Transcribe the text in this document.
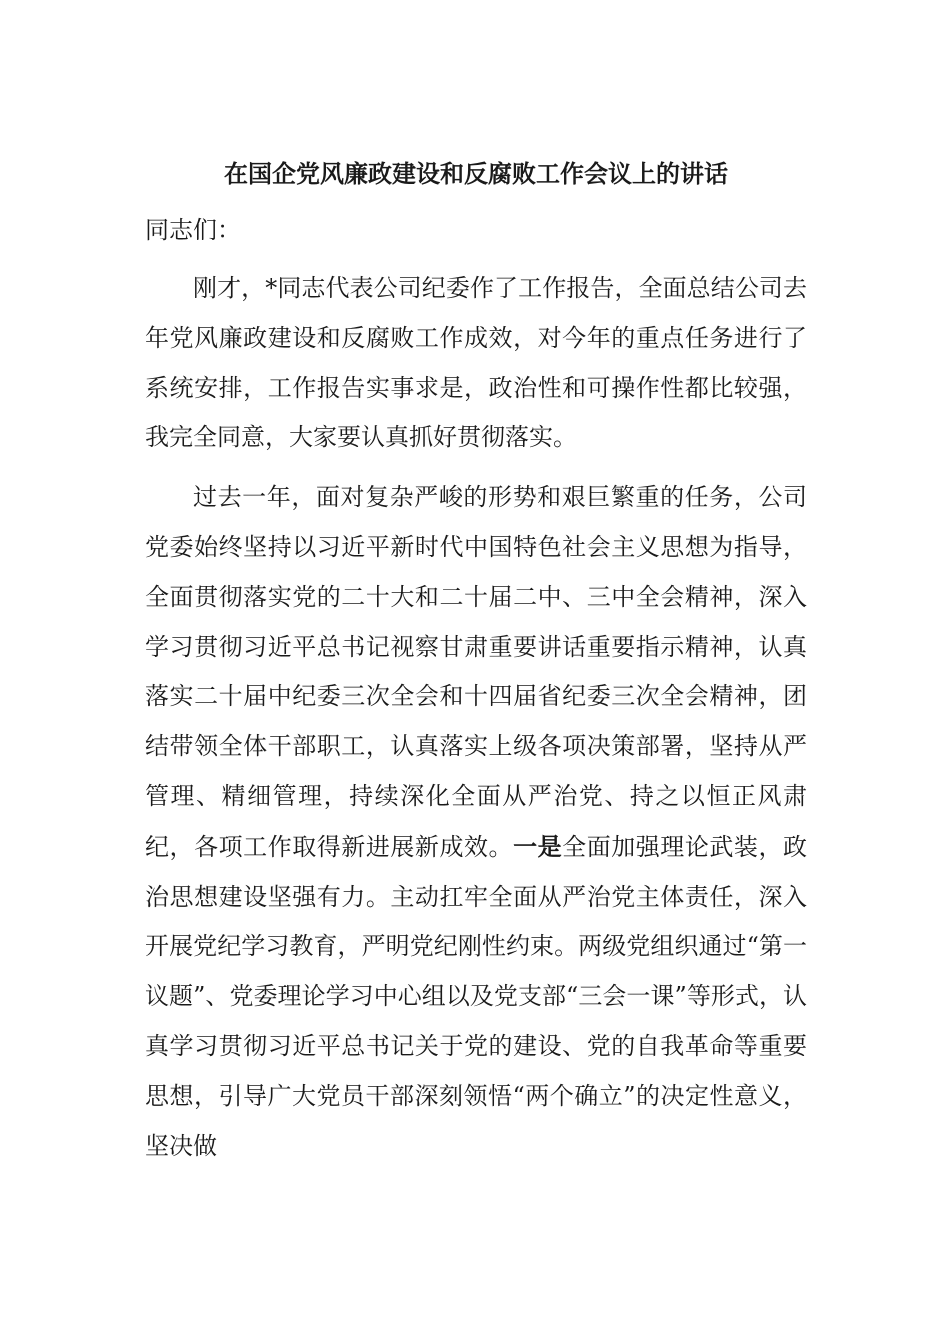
在国企党风廉政建设和反腐败工作会议上的讲话

同志们：

刚才，*同志代表公司纪委作了工作报告，全面总结公司去年党风廉政建设和反腐败工作成效，对今年的重点任务进行了系统安排，工作报告实事求是，政治性和可操作性都比较强，我完全同意，大家要认真抓好贯彻落实。

过去一年，面对复杂严峻的形势和艰巨繁重的任务，公司党委始终坚持以习近平新时代中国特色社会主义思想为指导，全面贯彻落实党的二十大和二十届二中、三中全会精神，深入学习贯彻习近平总书记视察甘肃重要讲话重要指示精神，认真落实二十届中纪委三次全会和十四届省纪委三次全会精神，团结带领全体干部职工，认真落实上级各项决策部署，坚持从严管理、精细管理，持续深化全面从严治党、持之以恒正风肃纪，各项工作取得新进展新成效。一是全面加强理论武装，政治思想建设坚强有力。主动扛牢全面从严治党主体责任，深入开展党纪学习教育，严明党纪刚性约束。两级党组织通过“第一议题”、党委理论学习中心组以及党支部“三会一课”等形式，认真学习贯彻习近平总书记关于党的建设、党的自我革命等重要思想，引导广大党员干部深刻领悟“两个确立”的决定性意义，坚决做
